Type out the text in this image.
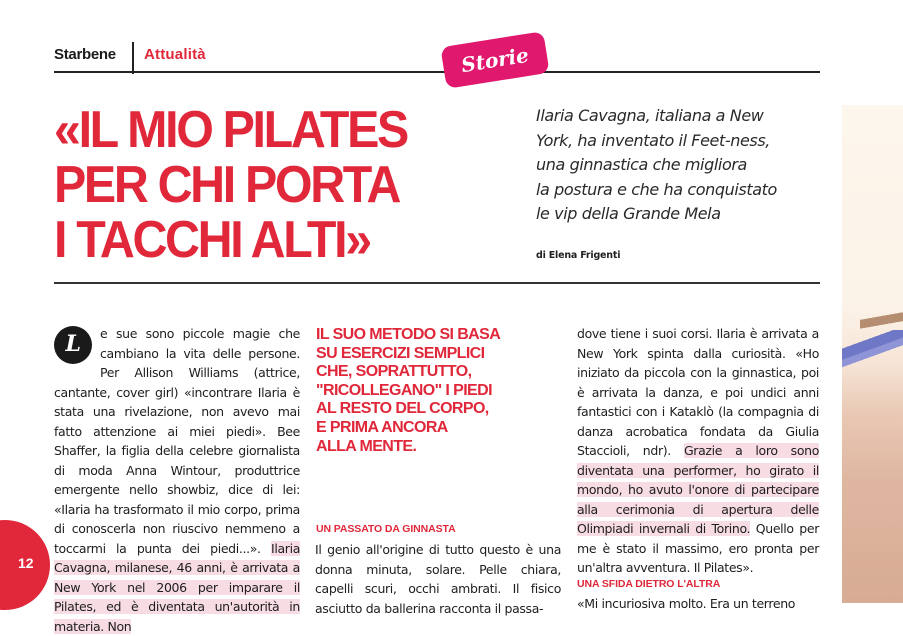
Starbene Attualità	Storie
«IL MIO PILATES
PER CHI PORTA
I TACCHI ALTI»
Ilaria Cavagna, italiana a New
York, ha inventato il Feet-ness,
una ginnastica che migliora
la postura e che ha conquistato
le vip della Grande Mela
di Elena Frigenti
L	e sue sono piccole magie che cambiano la vita delle persone. Per Allison Williams (attrice, cantante, cover girl) «incontrare Ilaria è stata una rivelazione, non avevo mai fatto attenzione ai miei piedi». Bee Shaffer, la figlia della celebre giornalista di moda Anna Wintour, produttrice emergente nello showbiz, dice di lei: «Ilaria ha trasformato il mio corpo, prima di conoscerla non riuscivo nemmeno a toccarmi la punta dei piedi...». Ilaria Cavagna, milanese, 46 anni, è arrivata a New York nel 2006 per imparare il Pilates, ed è diventata un'autorità in materia. Non
IL SUO METODO SI BASA
SU ESERCIZI SEMPLICI
CHE, SOPRATTUTTO,
"RICOLLEGANO" I PIEDI
AL RESTO DEL CORPO,
E PRIMA ANCORA
ALLA MENTE.
UN PASSATO DA GINNASTA
Il genio all'origine di tutto questo è una donna minuta, solare. Pelle chiara, capelli scuri, occhi ambrati. Il fisico asciutto da ballerina racconta il passa-
dove tiene i suoi corsi. Ilaria è arrivata a New York spinta dalla curiosità. «Ho iniziato da piccola con la ginnastica, poi è arrivata la danza, e poi undici anni fantastici con i Kataklò (la compagnia di danza acrobatica fondata da Giulia Staccioli, ndr). Grazie a loro sono diventata una performer, ho girato il mondo, ho avuto l'onore di partecipare alla cerimonia di apertura delle Olimpiadi invernali di Torino. Quello per me è stato il massimo, ero pronta per un'altra avventura. Il Pilates».
UNA SFIDA DIETRO L'ALTRA
«Mi incuriosiva molto. Era un terreno
12
